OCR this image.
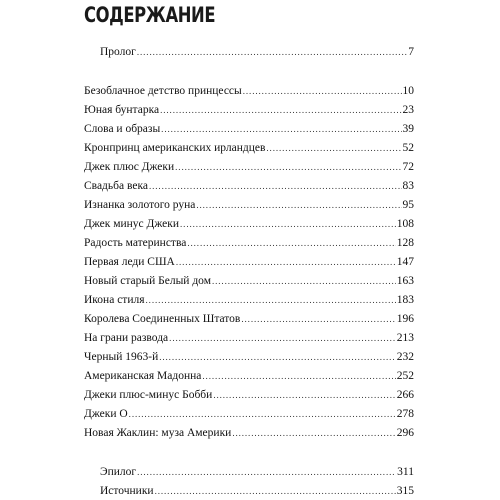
СОДЕРЖАНИЕ
Пролог .....	7
Безоблачное детство принцессы .....	10
Юная бунтарка .....	23
Слова и образы .....	39
Кронпринц американских ирландцев .....	52
Джек плюс Джеки .....	72
Свадьба века .....	83
Изнанка золотого руна .....	95
Джек минус Джеки .....	108
Радость материнства .....	128
Первая леди США .....	147
Новый старый Белый дом .....	163
Икона стиля .....	183
Королева Соединенных Штатов .....	196
На грани развода .....	213
Черный 1963-й .....	232
Американская Мадонна .....	252
Джеки плюс-минус Бобби .....	266
Джеки О .....	278
Новая Жаклин: муза Америки .....	296
Эпилог .....	311
Источники .....	315
